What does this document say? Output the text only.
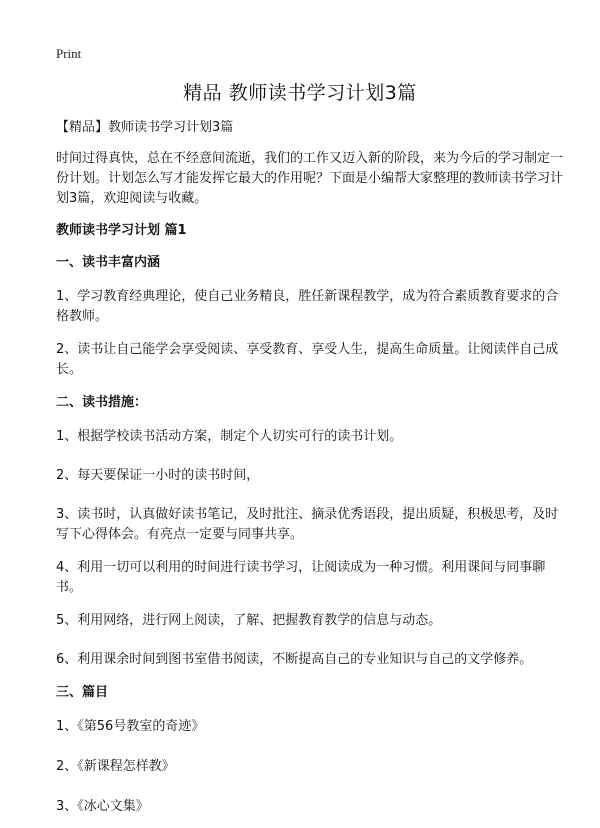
Print
精品 教师读书学习计划3篇

【精品】教师读书学习计划3篇

时间过得真快，总在不经意间流逝，我们的工作又迈入新的阶段，来为今后的学习制定一份计划。计划怎么写才能发挥它最大的作用呢？下面是小编帮大家整理的教师读书学习计划3篇，欢迎阅读与收藏。

教师读书学习计划 篇1

一、读书丰富内涵

1、学习教育经典理论，使自己业务精良，胜任新课程教学，成为符合素质教育要求的合格教师。

2、读书让自己能学会享受阅读、享受教育、享受人生，提高生命质量。让阅读伴自己成长。

二、读书措施：

1、根据学校读书活动方案，制定个人切实可行的读书计划。

2、每天要保证一小时的读书时间，

3、读书时，认真做好读书笔记，及时批注、摘录优秀语段，提出质疑，积极思考，及时写下心得体会。有亮点一定要与同事共享。

4、利用一切可以利用的时间进行读书学习，让阅读成为一种习惯。利用课间与同事聊书。

5、利用网络，进行网上阅读，了解、把握教育教学的信息与动态。

6、利用课余时间到图书室借书阅读，不断提高自己的专业知识与自己的文学修养。

三、篇目

1、《第56号教室的奇迹》

2、《新课程怎样教》

3、《冰心文集》
